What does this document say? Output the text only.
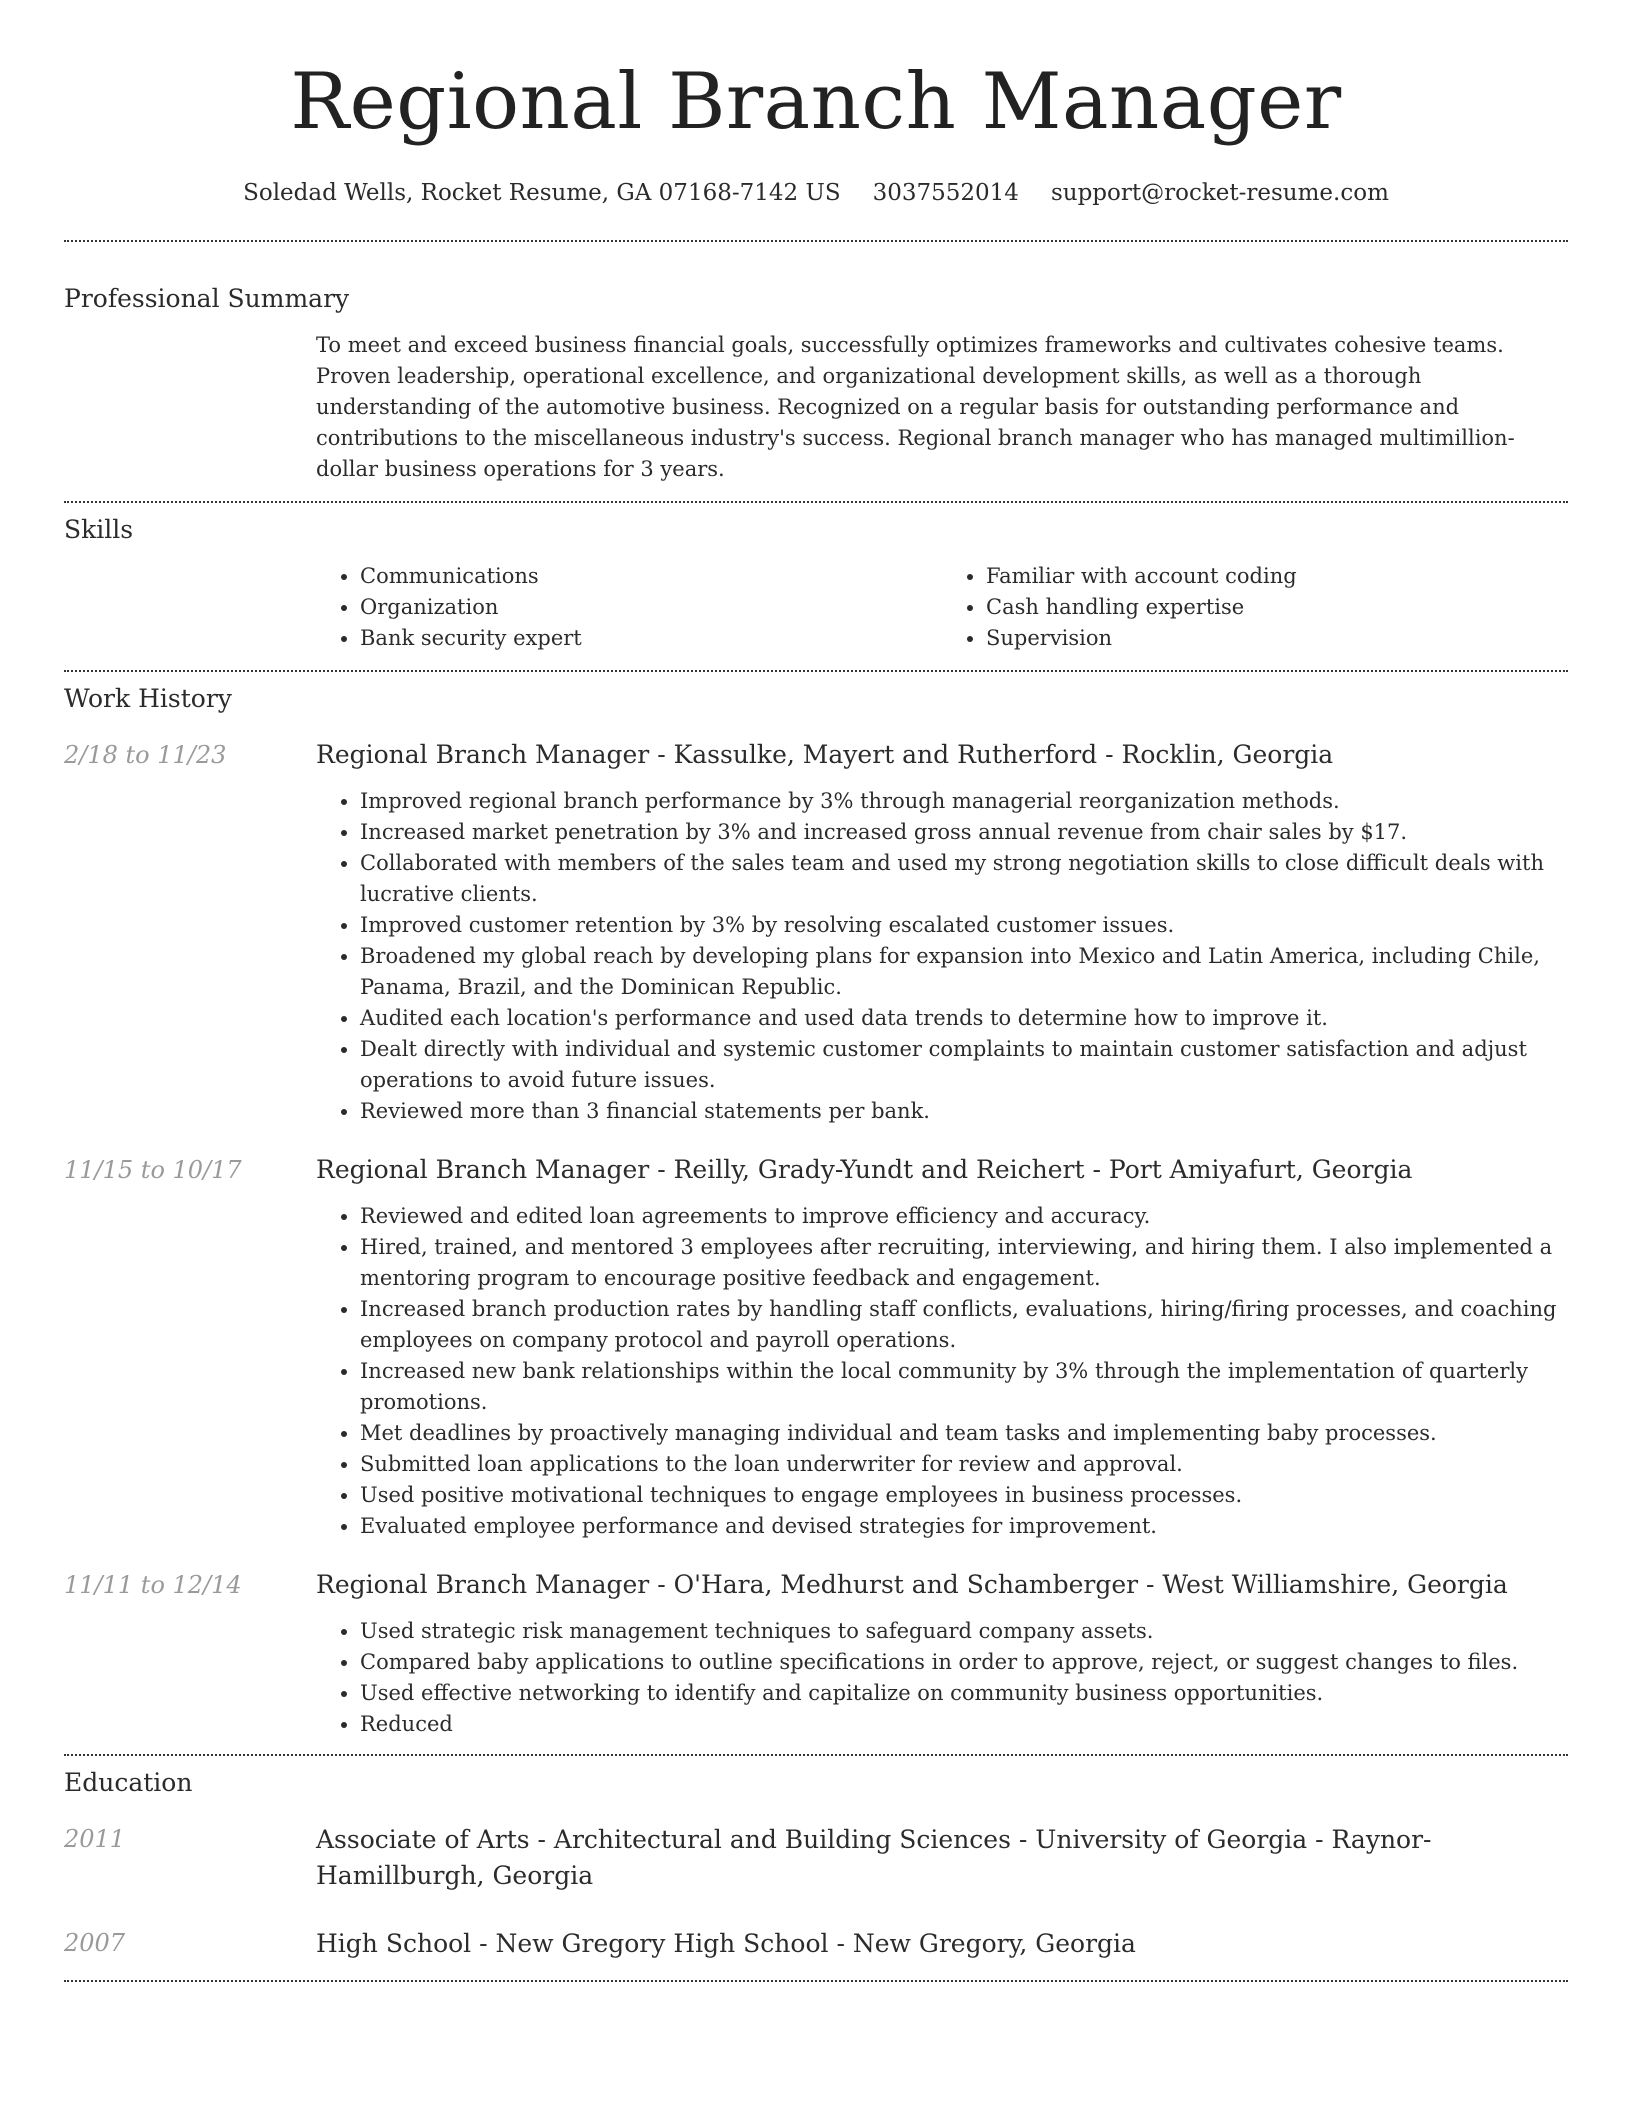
Regional Branch Manager
Soledad Wells, Rocket Resume, GA 07168-7142 US 3037552014 support@rocket-resume.com
Professional Summary

To meet and exceed business financial goals, successfully optimizes frameworks and cultivates cohesive teams. Proven leadership, operational excellence, and organizational development skills, as well as a thorough understanding of the automotive business. Recognized on a regular basis for outstanding performance and contributions to the miscellaneous industry's success. Regional branch manager who has managed multimillion-dollar business operations for 3 years.

Skills
• Communications
• Organization
• Bank security expert
• Familiar with account coding
• Cash handling expertise
• Supervision
Work History
2/18 to 11/23	Regional Branch Manager - Kassulke, Mayert and Rutherford - Rocklin, Georgia
• Improved regional branch performance by 3% through managerial reorganization methods.
• Increased market penetration by 3% and increased gross annual revenue from chair sales by $17.
• Collaborated with members of the sales team and used my strong negotiation skills to close difficult deals with lucrative clients.
• Improved customer retention by 3% by resolving escalated customer issues.
• Broadened my global reach by developing plans for expansion into Mexico and Latin America, including Chile, Panama, Brazil, and the Dominican Republic.
• Audited each location's performance and used data trends to determine how to improve it.
• Dealt directly with individual and systemic customer complaints to maintain customer satisfaction and adjust operations to avoid future issues.
• Reviewed more than 3 financial statements per bank.
11/15 to 10/17	Regional Branch Manager - Reilly, Grady-Yundt and Reichert - Port Amiyafurt, Georgia
• Reviewed and edited loan agreements to improve efficiency and accuracy.
• Hired, trained, and mentored 3 employees after recruiting, interviewing, and hiring them. I also implemented a mentoring program to encourage positive feedback and engagement.
• Increased branch production rates by handling staff conflicts, evaluations, hiring/firing processes, and coaching employees on company protocol and payroll operations.
• Increased new bank relationships within the local community by 3% through the implementation of quarterly promotions.
• Met deadlines by proactively managing individual and team tasks and implementing baby processes.
• Submitted loan applications to the loan underwriter for review and approval.
• Used positive motivational techniques to engage employees in business processes.
• Evaluated employee performance and devised strategies for improvement.
11/11 to 12/14	Regional Branch Manager - O'Hara, Medhurst and Schamberger - West Williamshire, Georgia
• Used strategic risk management techniques to safeguard company assets.
• Compared baby applications to outline specifications in order to approve, reject, or suggest changes to files.
• Used effective networking to identify and capitalize on community business opportunities.
• Reduced
Education
2011	Associate of Arts - Architectural and Building Sciences - University of Georgia - Raynor-Hamillburgh, Georgia
2007	High School - New Gregory High School - New Gregory, Georgia
